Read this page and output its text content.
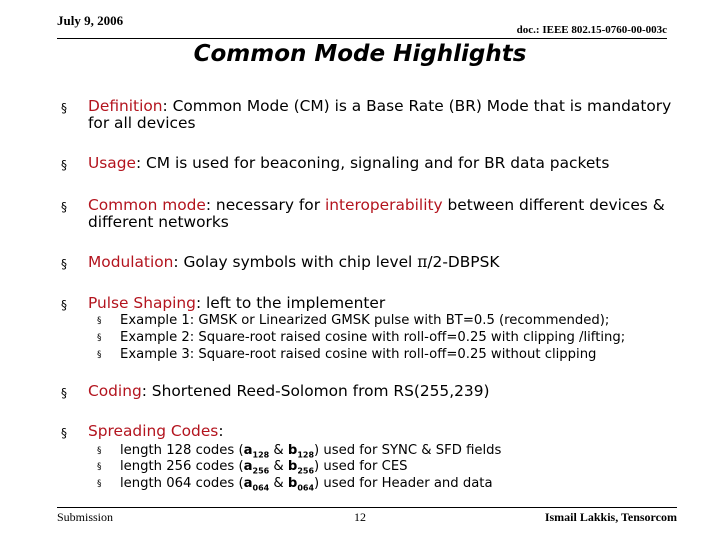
July 9, 2006
doc.: IEEE 802.15-0760-00-003c
Common Mode Highlights
§ Definition: Common Mode (CM) is a Base Rate (BR) Mode that is mandatory for all devices
§ Usage: CM is used for beaconing, signaling and for BR data packets
§ Common mode: necessary for interoperability between different devices & different networks
§ Modulation: Golay symbols with chip level π/2-DBPSK
§ Pulse Shaping: left to the implementer
§ Example 1: GMSK or Linearized GMSK pulse with BT=0.5 (recommended);
§ Example 2: Square-root raised cosine with roll-off=0.25 with clipping /lifting;
§ Example 3: Square-root raised cosine with roll-off=0.25 without clipping
§ Coding: Shortened Reed-Solomon from RS(255,239)
§ Spreading Codes:
§ length 128 codes ($a_{128}$ & $b_{128}$) used for SYNC & SFD fields
§ length 256 codes ($a_{256}$ & $b_{256}$) used for CES
§ length 064 codes ($a_{064}$ & $b_{064}$) used for Header and data
Submission	12	Ismail Lakkis, Tensorcom
